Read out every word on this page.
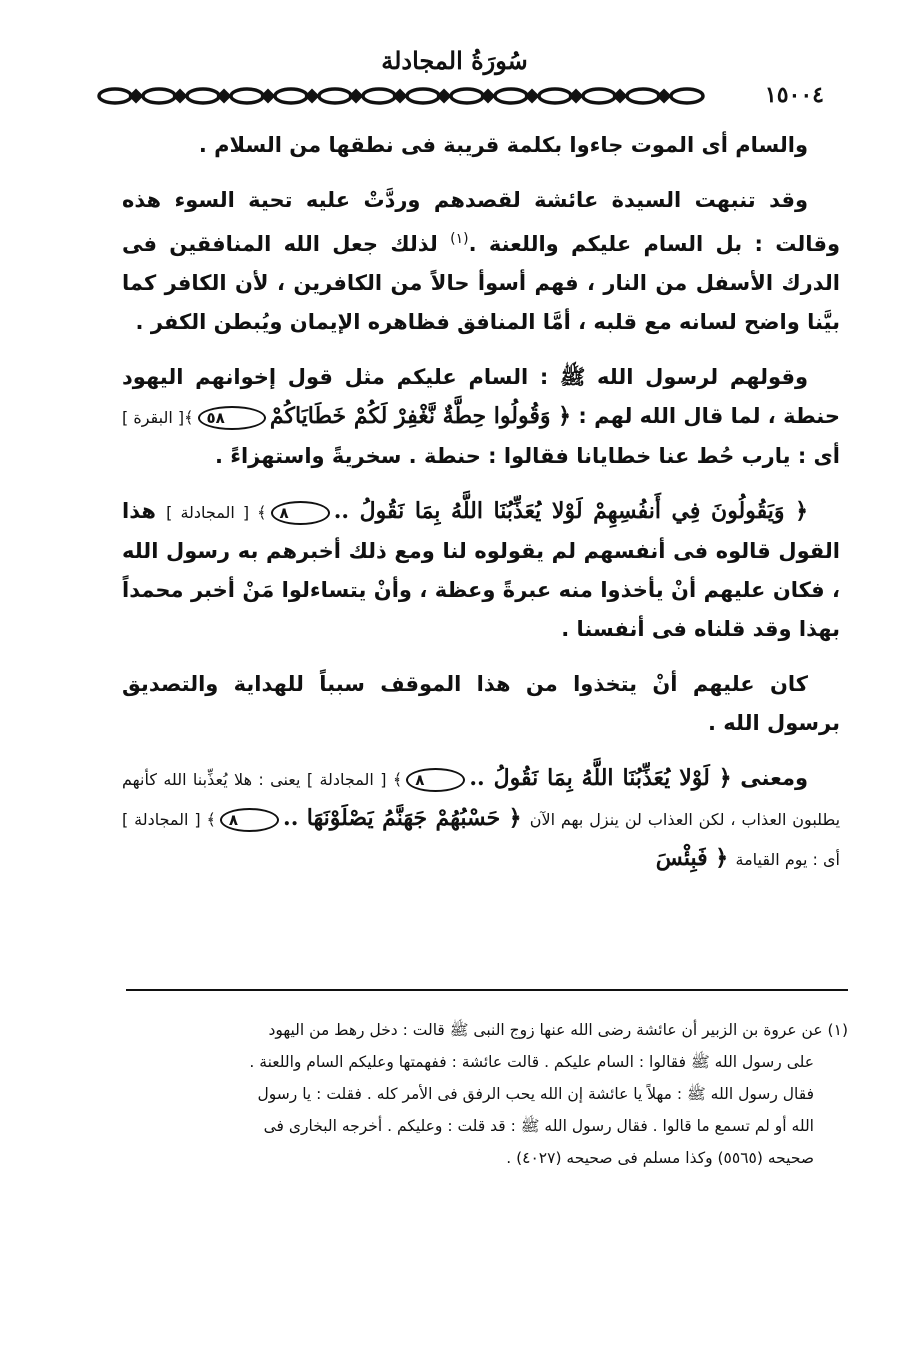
سُورَةُ المجادلة
١٥٠٠٤

والسام أى الموت جاءوا بكلمة قريبة فى نطقها من السلام .

وقد تنبهت السيدة عائشة لقصدهم وردَّتْ عليه تحية السوء هذه وقالت : بل السام عليكم واللعنة .$^{(١)}$ لذلك جعل الله المنافقين فى الدرك الأسفل من النار ، فهم أسوأ حالاً من الكافرين ، لأن الكافر كما بيَّنا واضح لسانه مع قلبه ، أمَّا المنافق فظاهره الإيمان ويُبطن الكفر .

وقولهم لرسول الله ﷺ : السام عليكم مثل قول إخوانهم اليهود حنطة ، لما قال الله لهم : ﴿ وَقُولُوا حِطَّةٌ نَّغْفِرْ لَكُمْ خَطَايَاكُمْ٥٨﴾[ البقرة ] أى : يارب حُط عنا خطايانا فقالوا : حنطة . سخريةً واستهزاءً .

﴿ وَيَقُولُونَ فِي أَنفُسِهِمْ لَوْلا يُعَذِّبُنَا اللَّهُ بِمَا نَقُولُ ..٨﴾ [ المجادلة ] هذا القول قالوه فى أنفسهم لم يقولوه لنا ومع ذلك أخبرهم به رسول الله ، فكان عليهم أنْ يأخذوا منه عبرةً وعظة ، وأنْ يتساءلوا مَنْ أخبر محمداً بهذا وقد قلناه فى أنفسنا .

كان عليهم أنْ يتخذوا من هذا الموقف سبباً للهداية والتصديق برسول الله .

ومعنى ﴿ لَوْلا يُعَذِّبُنَا اللَّهُ بِمَا نَقُولُ ..٨﴾ [ المجادلة ] يعنى : هلا يُعذِّبنا الله كأنهم يطلبون العذاب ، لكن العذاب لن ينزل بهم الآن ﴿ حَسْبُهُمْ جَهَنَّمُ يَصْلَوْنَهَا ..٨﴾ [ المجادلة ] أى : يوم القيامة ﴿ فَبِئْسَ

(١) عن عروة بن الزبير أن عائشة رضى الله عنها زوج النبى ﷺ قالت : دخل رهط من اليهود
على رسول الله ﷺ فقالوا : السام عليكم . قالت عائشة : ففهمتها وعليكم السام واللعنة .
فقال رسول الله ﷺ : مهلاً يا عائشة إن الله يحب الرفق فى الأمر كله . فقلت : يا رسول
الله أو لم تسمع ما قالوا . فقال رسول الله ﷺ : قد قلت : وعليكم . أخرجه البخارى فى
صحيحه (٥٥٦٥) وكذا مسلم فى صحيحه (٤٠٢٧) .
